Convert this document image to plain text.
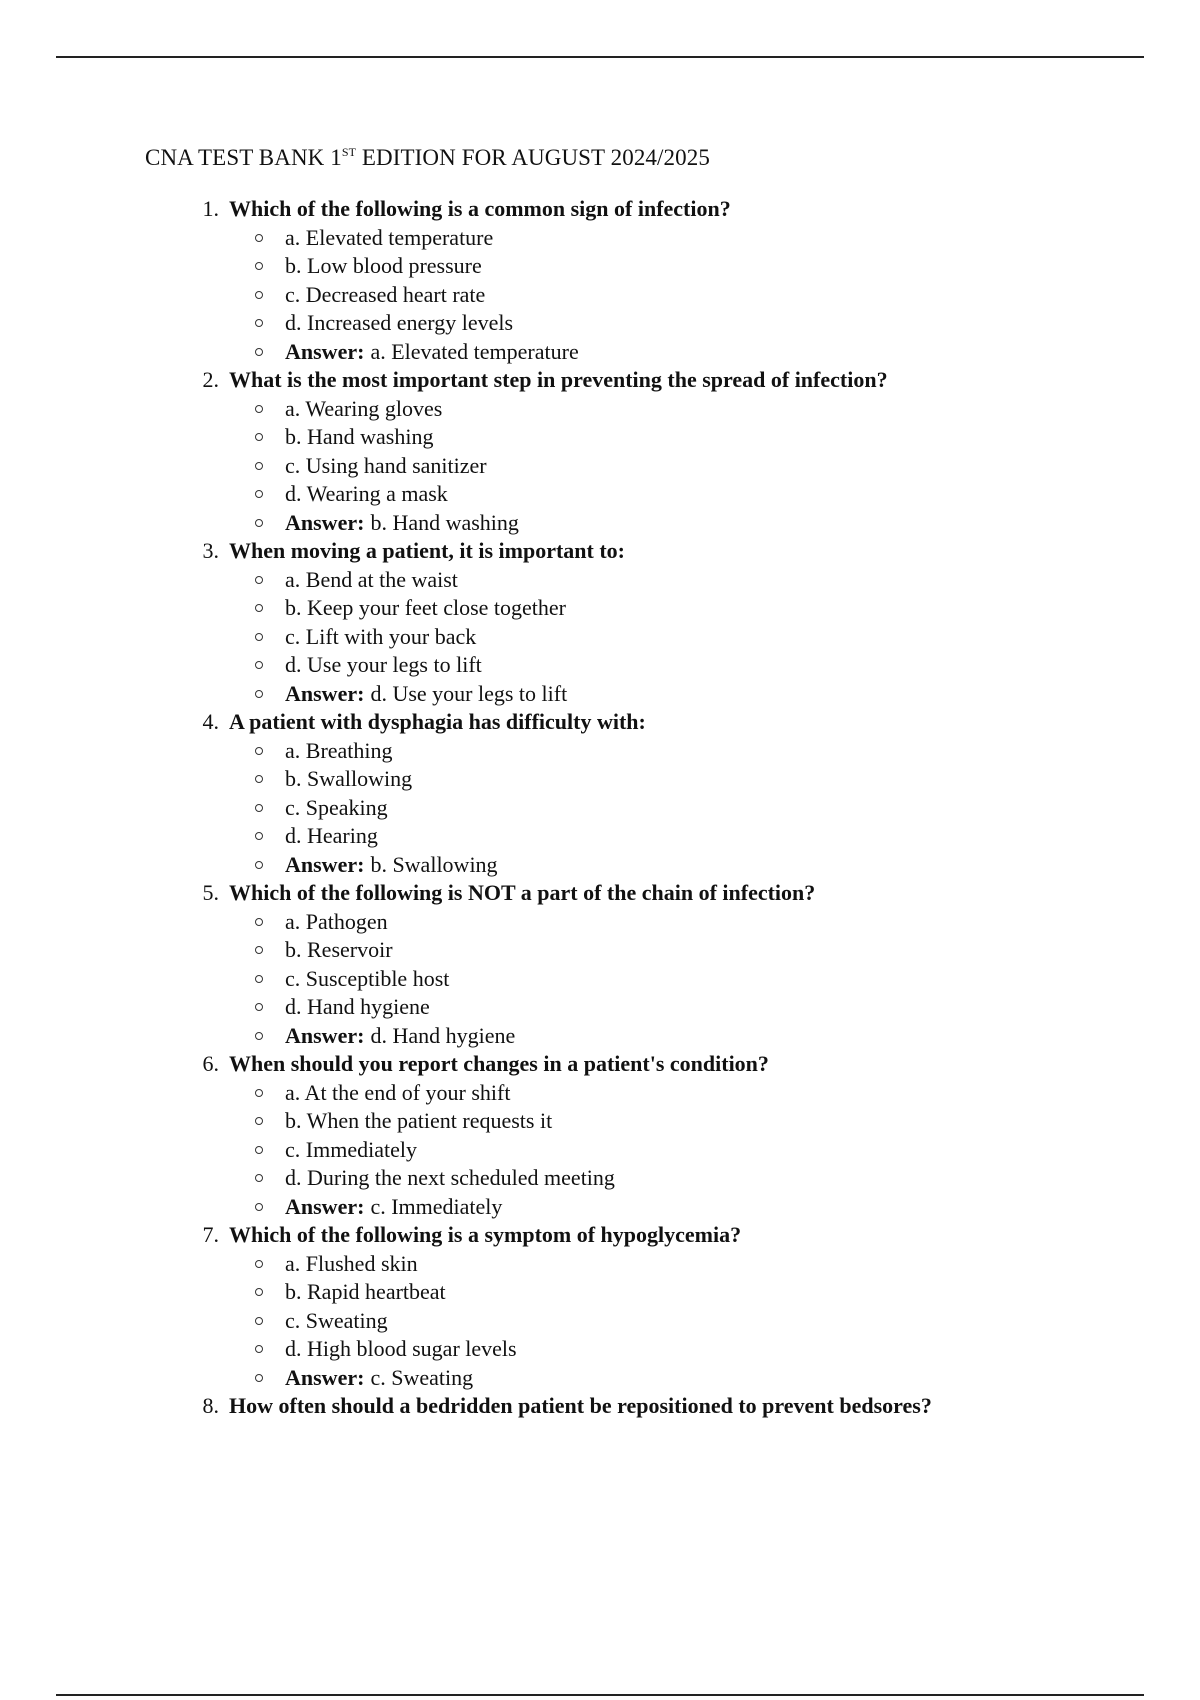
CNA TEST BANK 1ST EDITION FOR AUGUST 2024/2025
1 . Which of the following is a common sign of infection?
a. Elevated temperature
b. Low blood pressure
c. Decreased heart rate
d. Increased energy levels
Answer: a. Elevated temperature
2 . What is the most important step in preventing the spread of infection?
a. Wearing gloves
b. Hand washing
c. Using hand sanitizer
d. Wearing a mask
Answer: b. Hand washing
3 . When moving a patient, it is important to:
a. Bend at the waist
b. Keep your feet close together
c. Lift with your back
d. Use your legs to lift
Answer: d. Use your legs to lift
4 . A patient with dysphagia has difficulty with:
a. Breathing
b. Swallowing
c. Speaking
d. Hearing
Answer: b. Swallowing
5 . Which of the following is NOT a part of the chain of infection?
a. Pathogen
b. Reservoir
c. Susceptible host
d. Hand hygiene
Answer: d. Hand hygiene
6 . When should you report changes in a patient's condition?
a. At the end of your shift
b. When the patient requests it
c. Immediately
d. During the next scheduled meeting
Answer: c. Immediately
7 . Which of the following is a symptom of hypoglycemia?
a. Flushed skin
b. Rapid heartbeat
c. Sweating
d. High blood sugar levels
Answer: c. Sweating
8 . How often should a bedridden patient be repositioned to prevent bedsores?
